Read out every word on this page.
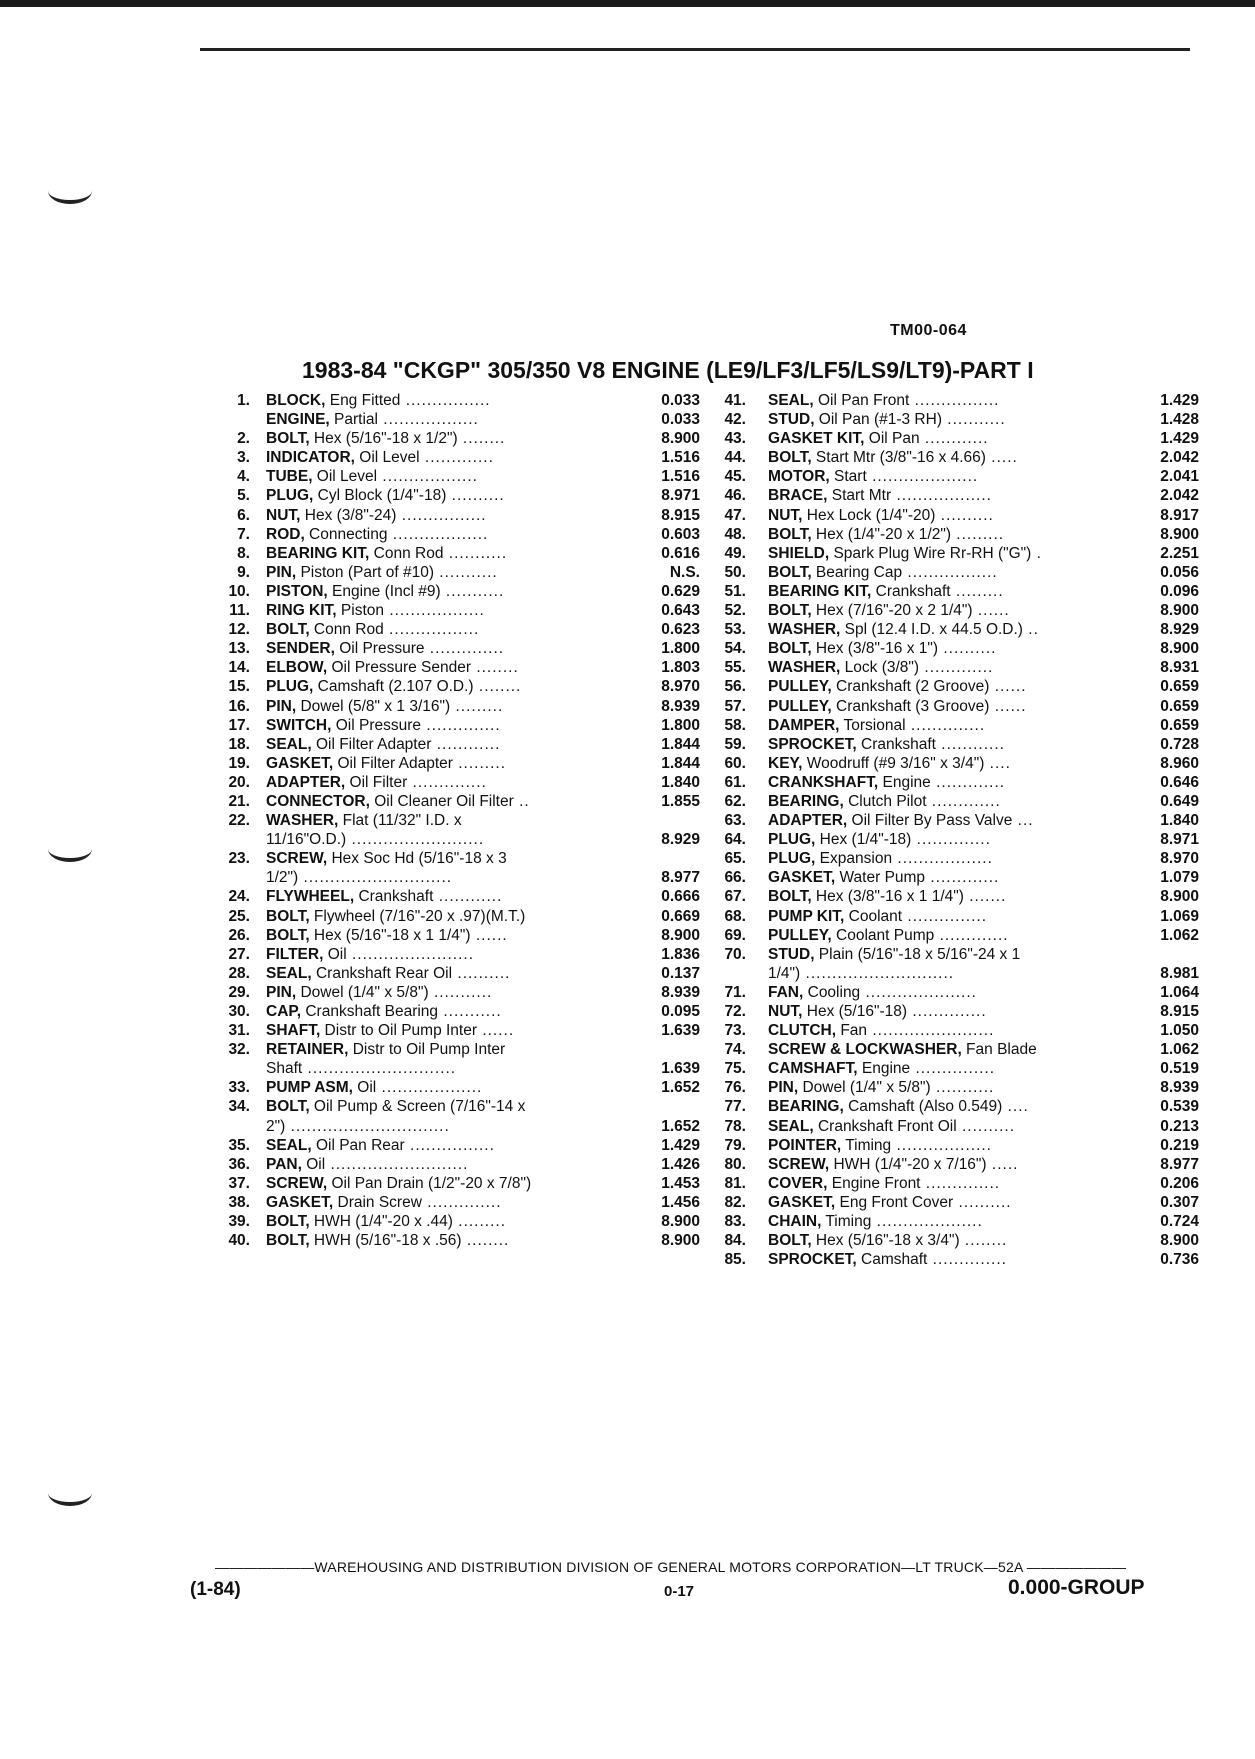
TM00-064
1983-84 "CKGP" 305/350 V8 ENGINE (LE9/LF3/LF5/LS9/LT9)-PART I
1.	BLOCK, Eng Fitted ................	0.033
ENGINE, Partial ..................	0.033
2.	BOLT, Hex (5/16"-18 x 1/2") ........	8.900
3.	INDICATOR, Oil Level .............	1.516
4.	TUBE, Oil Level ..................	1.516
5.	PLUG, Cyl Block (1/4"-18) ..........	8.971
6.	NUT, Hex (3/8"-24) ................	8.915
7.	ROD, Connecting ..................	0.603
8.	BEARING KIT, Conn Rod ...........	0.616
9.	PIN, Piston (Part of #10) ...........	N.S.
10.	PISTON, Engine (Incl #9) ...........	0.629
11.	RING KIT, Piston ..................	0.643
12.	BOLT, Conn Rod .................	0.623
13.	SENDER, Oil Pressure ..............	1.800
14.	ELBOW, Oil Pressure Sender ........	1.803
15.	PLUG, Camshaft (2.107 O.D.) ........	8.970
16.	PIN, Dowel (5/8" x 1 3/16") .........	8.939
17.	SWITCH, Oil Pressure ..............	1.800
18.	SEAL, Oil Filter Adapter ............	1.844
19.	GASKET, Oil Filter Adapter .........	1.844
20.	ADAPTER, Oil Filter ..............	1.840
21.	CONNECTOR, Oil Cleaner Oil Filter ..	1.855
22.	WASHER, Flat (11/32" I.D. x
11/16"O.D.) .........................	8.929
23.	SCREW, Hex Soc Hd (5/16"-18 x 3
1/2") ............................	8.977
24.	FLYWHEEL, Crankshaft ............	0.666
25.	BOLT, Flywheel (7/16"-20 x .97)(M.T.)	0.669
26.	BOLT, Hex (5/16"-18 x 1 1/4") ......	8.900
27.	FILTER, Oil .......................	1.836
28.	SEAL, Crankshaft Rear Oil ..........	0.137
29.	PIN, Dowel (1/4" x 5/8") ...........	8.939
30.	CAP, Crankshaft Bearing ...........	0.095
31.	SHAFT, Distr to Oil Pump Inter ......	1.639
32.	RETAINER, Distr to Oil Pump Inter
Shaft ............................	1.639
33.	PUMP ASM, Oil ...................	1.652
34.	BOLT, Oil Pump & Screen (7/16"-14 x
2") ..............................	1.652
35.	SEAL, Oil Pan Rear ................	1.429
36.	PAN, Oil ..........................	1.426
37.	SCREW, Oil Pan Drain (1/2"-20 x 7/8")	1.453
38.	GASKET, Drain Screw ..............	1.456
39.	BOLT, HWH (1/4"-20 x .44) .........	8.900
40.	BOLT, HWH (5/16"-18 x .56) ........	8.900
41.	SEAL, Oil Pan Front ................	1.429
42.	STUD, Oil Pan (#1-3 RH) ...........	1.428
43.	GASKET KIT, Oil Pan ............	1.429
44.	BOLT, Start Mtr (3/8"-16 x 4.66) .....	2.042
45.	MOTOR, Start ....................	2.041
46.	BRACE, Start Mtr ..................	2.042
47.	NUT, Hex Lock (1/4"-20) ..........	8.917
48.	BOLT, Hex (1/4"-20 x 1/2") .........	8.900
49.	SHIELD, Spark Plug Wire Rr-RH ("G") .	2.251
50.	BOLT, Bearing Cap .................	0.056
51.	BEARING KIT, Crankshaft .........	0.096
52.	BOLT, Hex (7/16"-20 x 2 1/4") ......	8.900
53.	WASHER, Spl (12.4 I.D. x 44.5 O.D.) ..	8.929
54.	BOLT, Hex (3/8"-16 x 1") ..........	8.900
55.	WASHER, Lock (3/8") .............	8.931
56.	PULLEY, Crankshaft (2 Groove) ......	0.659
57.	PULLEY, Crankshaft (3 Groove) ......	0.659
58.	DAMPER, Torsional ..............	0.659
59.	SPROCKET, Crankshaft ............	0.728
60.	KEY, Woodruff (#9 3/16" x 3/4") ....	8.960
61.	CRANKSHAFT, Engine .............	0.646
62.	BEARING, Clutch Pilot .............	0.649
63.	ADAPTER, Oil Filter By Pass Valve ...	1.840
64.	PLUG, Hex (1/4"-18) ..............	8.971
65.	PLUG, Expansion ..................	8.970
66.	GASKET, Water Pump .............	1.079
67.	BOLT, Hex (3/8"-16 x 1 1/4") .......	8.900
68.	PUMP KIT, Coolant ...............	1.069
69.	PULLEY, Coolant Pump .............	1.062
70.	STUD, Plain (5/16"-18 x 5/16"-24 x 1
1/4") ............................	8.981
71.	FAN, Cooling .....................	1.064
72.	NUT, Hex (5/16"-18) ..............	8.915
73.	CLUTCH, Fan .......................	1.050
74.	SCREW & LOCKWASHER, Fan Blade	1.062
75.	CAMSHAFT, Engine ...............	0.519
76.	PIN, Dowel (1/4" x 5/8") ...........	8.939
77.	BEARING, Camshaft (Also 0.549) ....	0.539
78.	SEAL, Crankshaft Front Oil ..........	0.213
79.	POINTER, Timing ..................	0.219
80.	SCREW, HWH (1/4"-20 x 7/16") .....	8.977
81.	COVER, Engine Front ..............	0.206
82.	GASKET, Eng Front Cover ..........	0.307
83.	CHAIN, Timing ....................	0.724
84.	BOLT, Hex (5/16"-18 x 3/4") ........	8.900
85.	SPROCKET, Camshaft ..............	0.736
———————WAREHOUSING AND DISTRIBUTION DIVISION OF GENERAL MOTORS CORPORATION—LT TRUCK—52A ———————
(1-84)	0-17	0.000-GROUP
